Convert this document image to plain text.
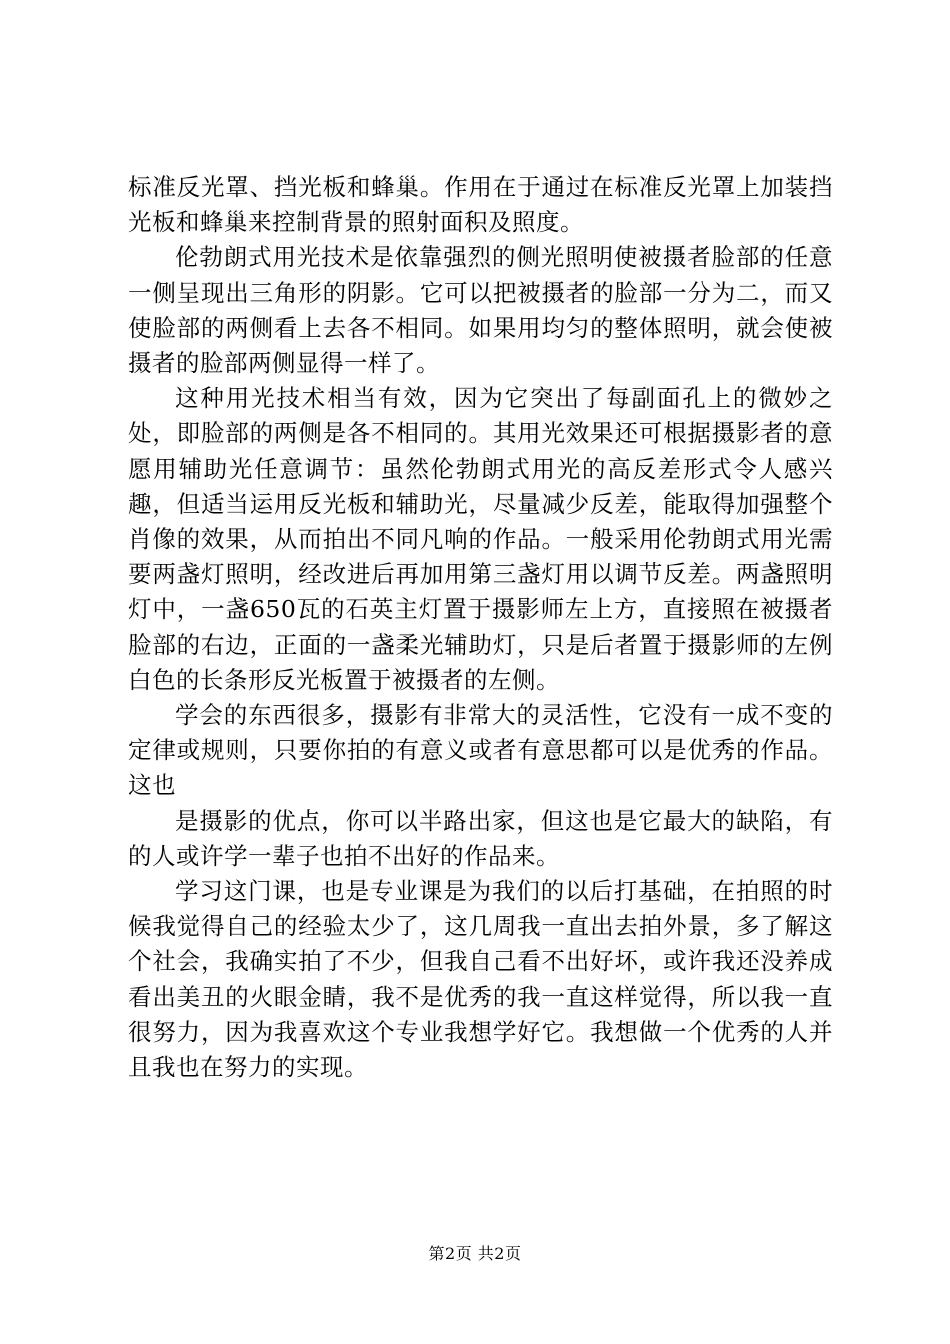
标准反光罩、挡光板和蜂巢。作用在于通过在标准反光罩上加装挡光板和蜂巢来控制背景的照射面积及照度。

伦勃朗式用光技术是依靠强烈的侧光照明使被摄者脸部的任意一侧呈现出三角形的阴影。它可以把被摄者的脸部一分为二，而又使脸部的两侧看上去各不相同。如果用均匀的整体照明，就会使被摄者的脸部两侧显得一样了。

这种用光技术相当有效，因为它突出了每副面孔上的微妙之处，即脸部的两侧是各不相同的。其用光效果还可根据摄影者的意愿用辅助光任意调节：虽然伦勃朗式用光的高反差形式令人感兴趣，但适当运用反光板和辅助光，尽量减少反差，能取得加强整个肖像的效果，从而拍出不同凡响的作品。一般采用伦勃朗式用光需要两盏灯照明，经改进后再加用第三盏灯用以调节反差。两盏照明灯中，一盏650瓦的石英主灯置于摄影师左上方，直接照在被摄者脸部的右边，正面的一盏柔光辅助灯，只是后者置于摄影师的左例白色的长条形反光板置于被摄者的左侧。

学会的东西很多，摄影有非常大的灵活性，它没有一成不变的定律或规则，只要你拍的有意义或者有意思都可以是优秀的作品。这也

是摄影的优点，你可以半路出家，但这也是它最大的缺陷，有的人或许学一辈子也拍不出好的作品来。

学习这门课，也是专业课是为我们的以后打基础，在拍照的时候我觉得自己的经验太少了，这几周我一直出去拍外景，多了解这个社会，我确实拍了不少，但我自己看不出好坏，或许我还没养成看出美丑的火眼金睛，我不是优秀的我一直这样觉得，所以我一直很努力，因为我喜欢这个专业我想学好它。我想做一个优秀的人并且我也在努力的实现。

第2页 共2页
